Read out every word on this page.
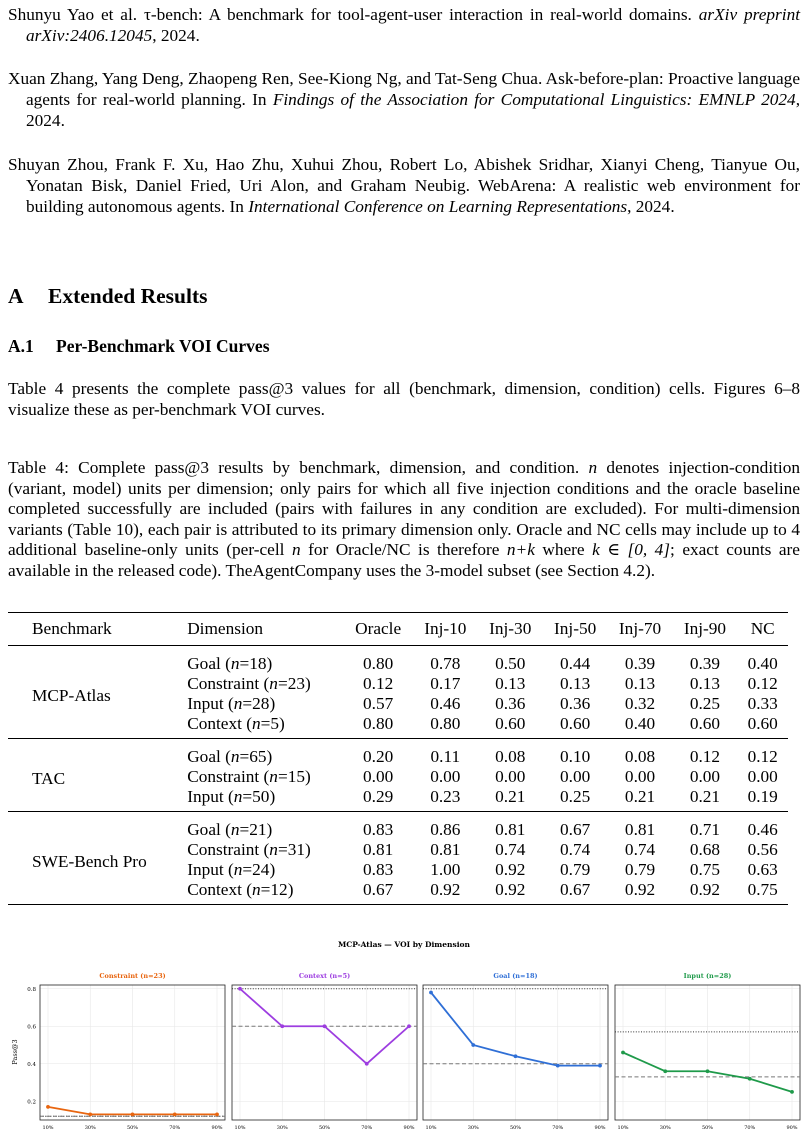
Shunyu Yao et al. τ-bench: A benchmark for tool-agent-user interaction in real-world domains. arXiv preprint arXiv:2406.12045, 2024.
Xuan Zhang, Yang Deng, Zhaopeng Ren, See-Kiong Ng, and Tat-Seng Chua. Ask-before-plan: Proactive language agents for real-world planning. In Findings of the Association for Computational Linguistics: EMNLP 2024, 2024.
Shuyan Zhou, Frank F. Xu, Hao Zhu, Xuhui Zhou, Robert Lo, Abishek Sridhar, Xianyi Cheng, Tianyue Ou, Yonatan Bisk, Daniel Fried, Uri Alon, and Graham Neubig. WebArena: A realistic web environment for building autonomous agents. In International Conference on Learning Representations, 2024.
A Extended Results
A.1 Per-Benchmark VOI Curves
Table 4 presents the complete pass@3 values for all (benchmark, dimension, condition) cells. Figures 6–8 visualize these as per-benchmark VOI curves.
Table 4: Complete pass@3 results by benchmark, dimension, and condition. n denotes injection-condition (variant, model) units per dimension; only pairs for which all five injection conditions and the oracle baseline completed successfully are included (pairs with failures in any condition are excluded). For multi-dimension variants (Table 10), each pair is attributed to its primary dimension only. Oracle and NC cells may include up to 4 additional baseline-only units (per-cell n for Oracle/NC is therefore n+k where k ∈ [0, 4]; exact counts are available in the released code). TheAgentCompany uses the 3-model subset (see Section 4.2).
Benchmark	Dimension	Oracle	Inj-10	Inj-30	Inj-50	Inj-70	Inj-90	NC
MCP-Atlas	Goal (n=18)	0.80	0.78	0.50	0.44	0.39	0.39	0.40
	Constraint (n=23)	0.12	0.17	0.13	0.13	0.13	0.13	0.12
	Input (n=28)	0.57	0.46	0.36	0.36	0.32	0.25	0.33
	Context (n=5)	0.80	0.80	0.60	0.60	0.40	0.60	0.60
TAC	Goal (n=65)	0.20	0.11	0.08	0.10	0.08	0.12	0.12
	Constraint (n=15)	0.00	0.00	0.00	0.00	0.00	0.00	0.00
	Input (n=50)	0.29	0.23	0.21	0.25	0.21	0.21	0.19
SWE-Bench Pro	Goal (n=21)	0.83	0.86	0.81	0.67	0.81	0.71	0.46
	Constraint (n=31)	0.81	0.81	0.74	0.74	0.74	0.68	0.56
	Input (n=24)	0.83	1.00	0.92	0.79	0.79	0.75	0.63
	Context (n=12)	0.67	0.92	0.92	0.67	0.92	0.92	0.75
MCP-Atlas — VOI by Dimension
Pass@3
Constraint (n=23)
10%	30%	50%	70%	90%
0.2
0.4
0.6
0.8
Context (n=5)
10%	30%	50%	70%	90%
Goal (n=18)
10%	30%	50%	70%	90%
Input (n=28)
10%	30%	50%	70%	90%
